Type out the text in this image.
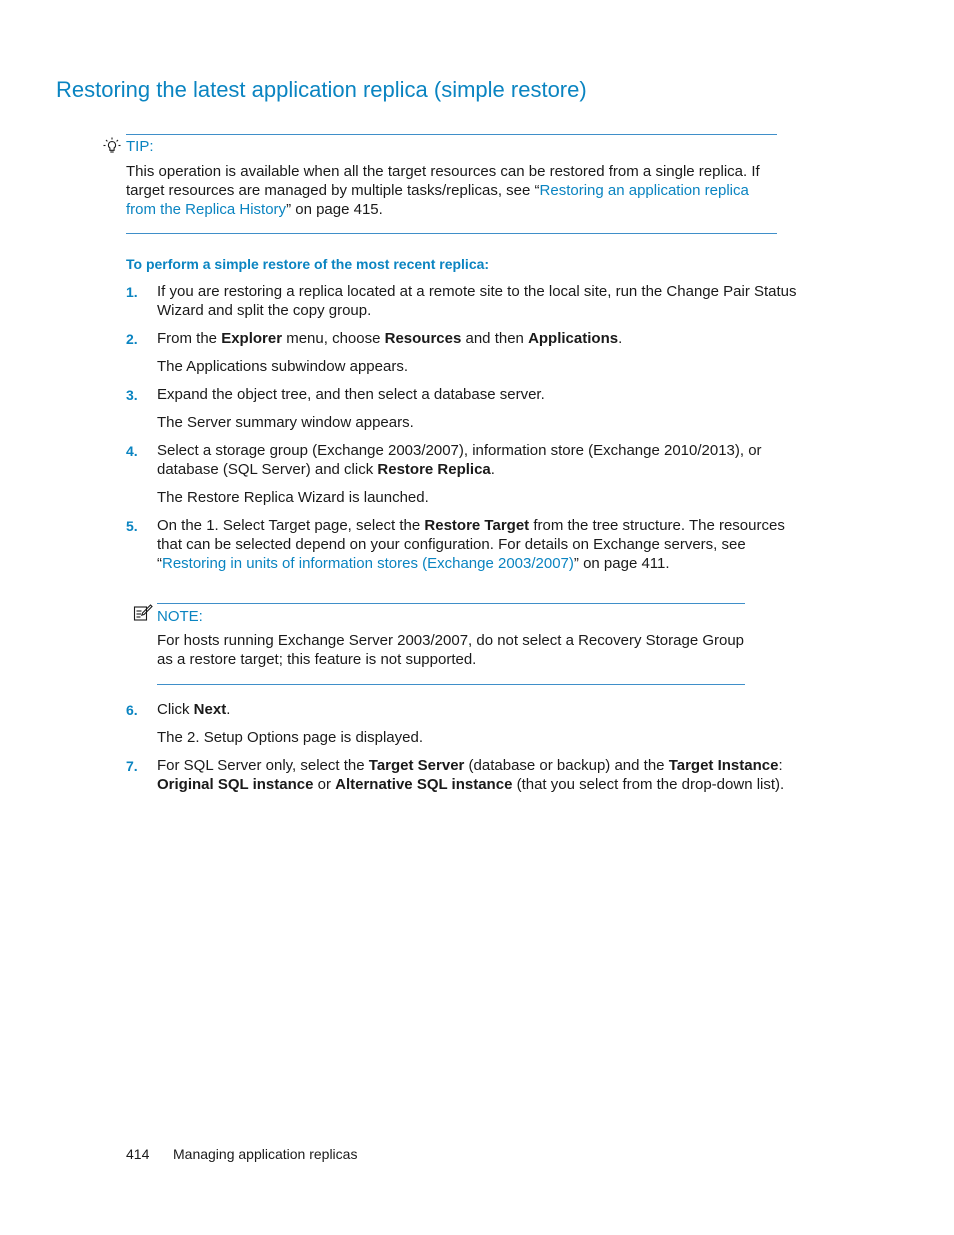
Restoring the latest application replica (simple restore)
TIP:

This operation is available when all the target resources can be restored from a single replica. If target resources are managed by multiple tasks/replicas, see “Restoring an application replica from the Replica History” on page 415.

To perform a simple restore of the most recent replica:

1. If you are restoring a replica located at a remote site to the local site, run the Change Pair Status Wizard and split the copy group.

2. From the Explorer menu, choose Resources and then Applications.

The Applications subwindow appears.

3. Expand the object tree, and then select a database server.

The Server summary window appears.

4. Select a storage group (Exchange 2003/2007), information store (Exchange 2010/2013), or database (SQL Server) and click Restore Replica.

The Restore Replica Wizard is launched.

5. On the 1. Select Target page, select the Restore Target from the tree structure. The resources that can be selected depend on your configuration. For details on Exchange servers, see “Restoring in units of information stores (Exchange 2003/2007)” on page 411.

NOTE:

For hosts running Exchange Server 2003/2007, do not select a Recovery Storage Group as a restore target; this feature is not supported.

6. Click Next.

The 2. Setup Options page is displayed.

7. For SQL Server only, select the Target Server (database or backup) and the Target Instance: Original SQL instance or Alternative SQL instance (that you select from the drop-down list).

414 Managing application replicas
